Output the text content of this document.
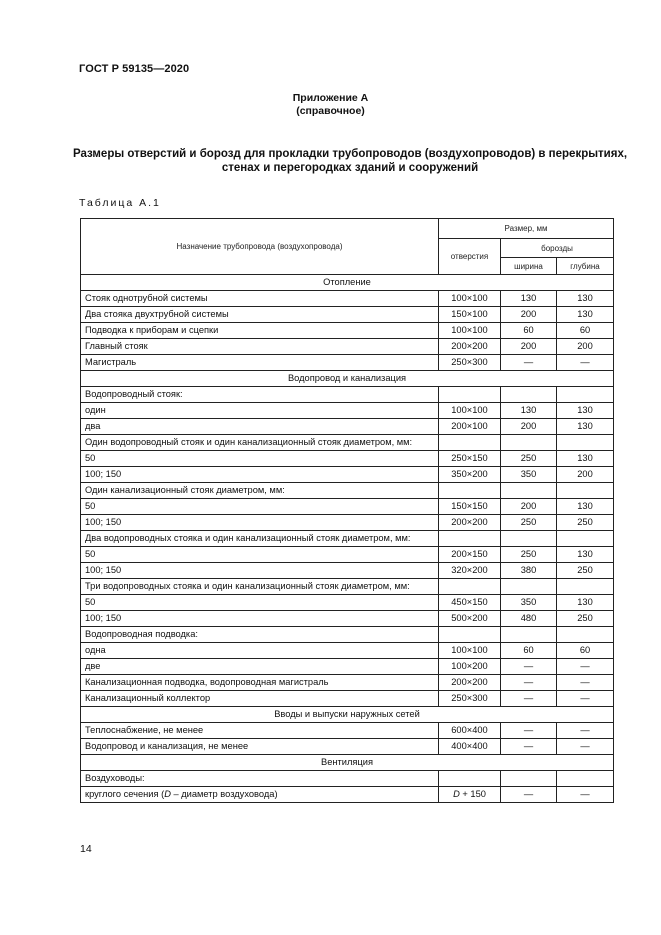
ГОСТ Р 59135—2020
Приложение А
(справочное)
Размеры отверстий и борозд для прокладки трубопроводов (воздухопроводов) в перекрытиях, стенах и перегородках зданий и сооружений
Таблица А.1
Назначение трубопровода (воздухопровода)	Размер, мм		
	отверстия	борозды	
		ширина	глубина
Отопление			
Стояк однотрубной системы	100×100	130	130
Два стояка двухтрубной системы	150×100	200	130
Подводка к приборам и сцепки	100×100	60	60
Главный стояк	200×200	200	200
Магистраль	250×300	—	—
Водопровод и канализация			
Водопроводный стояк:			
один	100×100	130	130
два	200×100	200	130
Один водопроводный стояк и один канализационный стояк диаметром, мм:			
50	250×150	250	130
100; 150	350×200	350	200
Один канализационный стояк диаметром, мм:			
50	150×150	200	130
100; 150	200×200	250	250
Два водопроводных стояка и один канализационный стояк диаметром, мм:			
50	200×150	250	130
100; 150	320×200	380	250
Три водопроводных стояка и один канализационный стояк диаметром, мм:			
50	450×150	350	130
100; 150	500×200	480	250
Водопроводная подводка:			
одна	100×100	60	60
две	100×200	—	—
Канализационная подводка, водопроводная магистраль	200×200	—	—
Канализационный коллектор	250×300	—	—
Вводы и выпуски наружных сетей			
Теплоснабжение, не менее	600×400	—	—
Водопровод и канализация, не менее	400×400	—	—
Вентиляция			
Воздуховоды:			
круглого сечения (D – диаметр воздуховода)	D + 150	—	—
14
